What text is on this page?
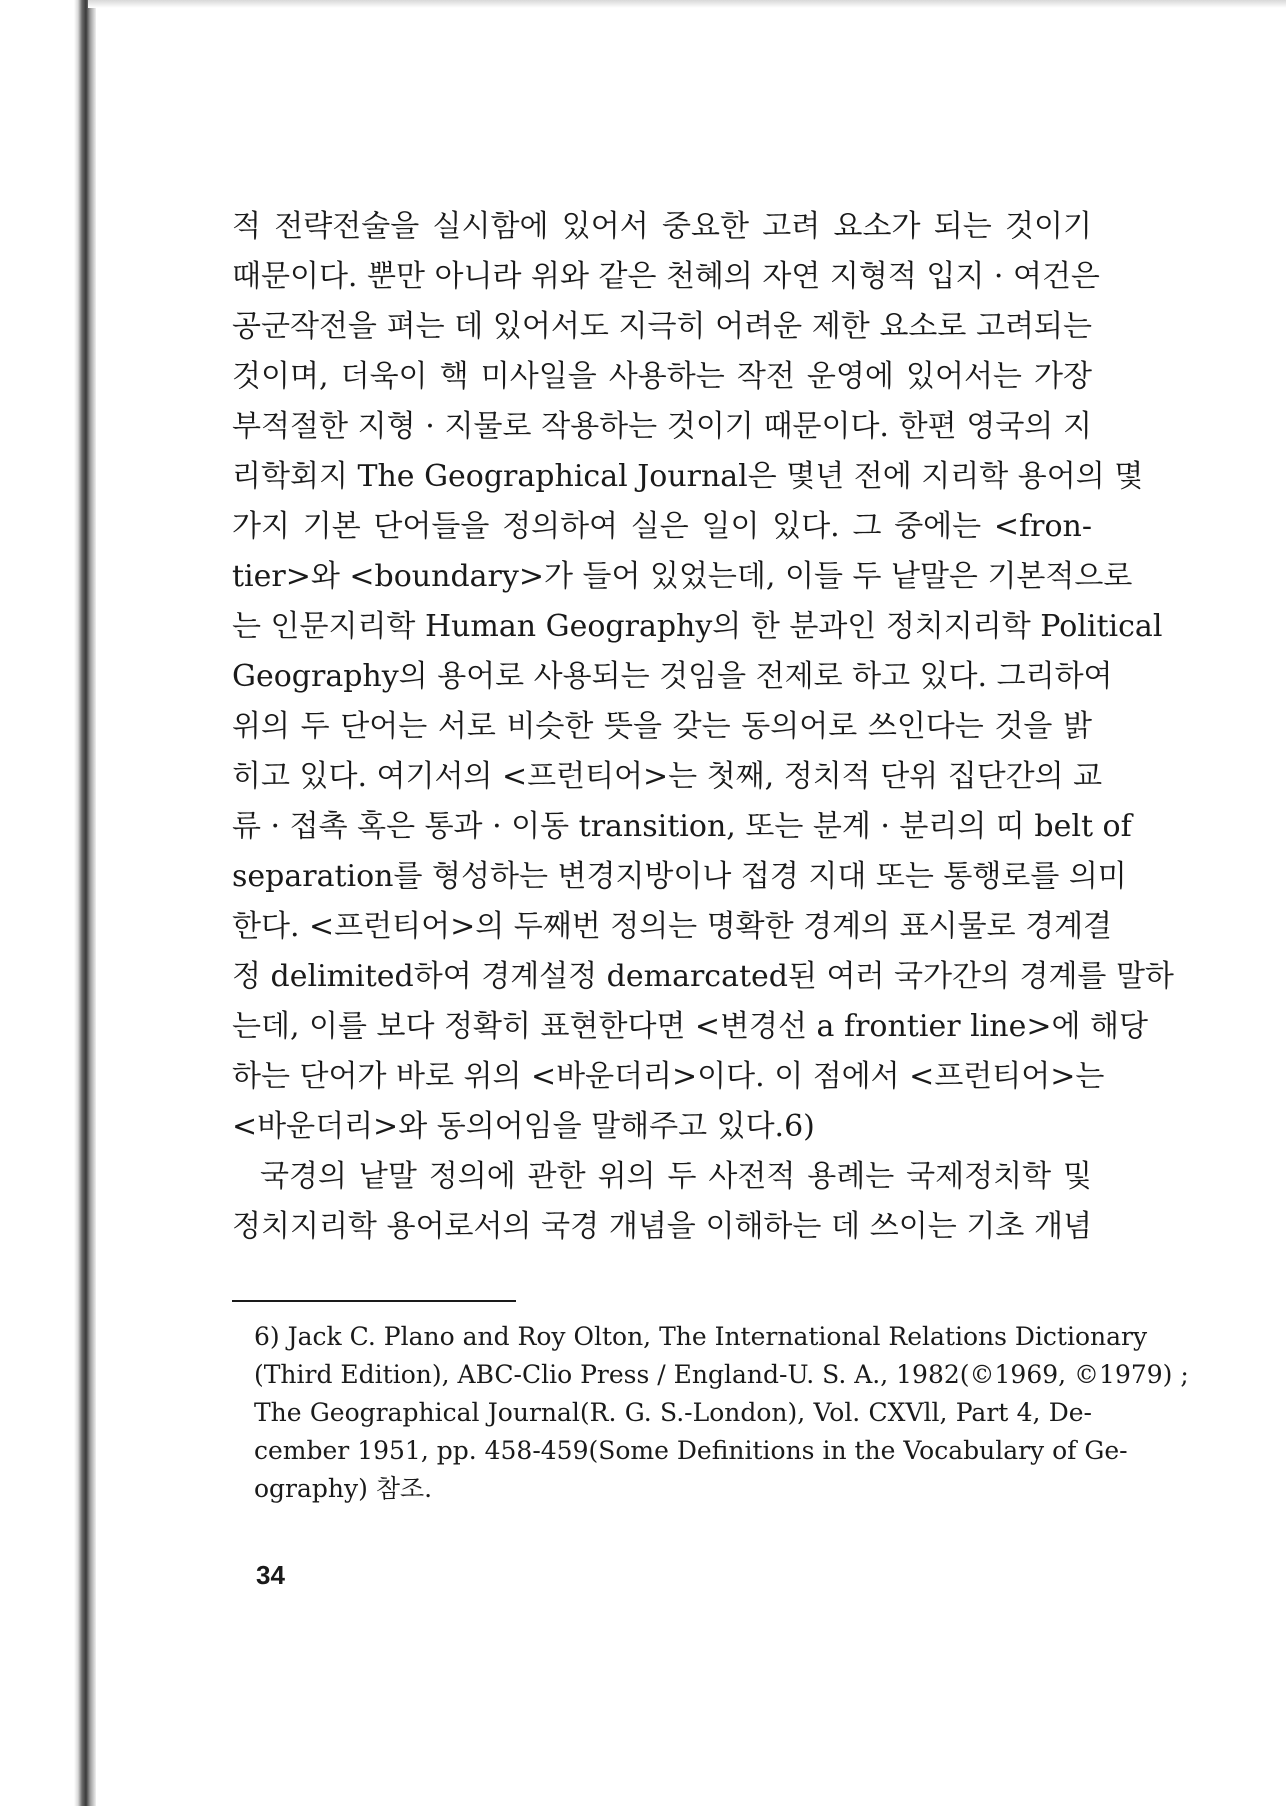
적 전략전술을 실시함에 있어서 중요한 고려 요소가 되는 것이기
때문이다. 뿐만 아니라 위와 같은 천혜의 자연 지형적 입지 · 여건은
공군작전을 펴는 데 있어서도 지극히 어려운 제한 요소로 고려되는
것이며, 더욱이 핵 미사일을 사용하는 작전 운영에 있어서는 가장
부적절한 지형 · 지물로 작용하는 것이기 때문이다. 한편 영국의 지
리학회지 The Geographical Journal은 몇년 전에 지리학 용어의 몇
가지 기본 단어들을 정의하여 실은 일이 있다. 그 중에는 <fron-
tier>와 <boundary>가 들어 있었는데, 이들 두 낱말은 기본적으로
는 인문지리학 Human Geography의 한 분과인 정치지리학 Political
Geography의 용어로 사용되는 것임을 전제로 하고 있다. 그리하여
위의 두 단어는 서로 비슷한 뜻을 갖는 동의어로 쓰인다는 것을 밝
히고 있다. 여기서의 <프런티어>는 첫째, 정치적 단위 집단간의 교
류 · 접촉 혹은 통과 · 이동 transition, 또는 분계 · 분리의 띠 belt of
separation를 형성하는 변경지방이나 접경 지대 또는 통행로를 의미
한다. <프런티어>의 두째번 정의는 명확한 경계의 표시물로 경계결
정 delimited하여 경계설정 demarcated된 여러 국가간의 경계를 말하
는데, 이를 보다 정확히 표현한다면 <변경선 a frontier line>에 해당
하는 단어가 바로 위의 <바운더리>이다. 이 점에서 <프런티어>는
<바운더리>와 동의어임을 말해주고 있다.6)
국경의 낱말 정의에 관한 위의 두 사전적 용례는 국제정치학 및
정치지리학 용어로서의 국경 개념을 이해하는 데 쓰이는 기초 개념
6) Jack C. Plano and Roy Olton, The International Relations Dictionary
(Third Edition), ABC-Clio Press / England-U. S. A., 1982(©1969, ©1979) ;
The Geographical Journal(R. G. S.-London), Vol. CXVll, Part 4, De-
cember 1951, pp. 458-459(Some Definitions in the Vocabulary of Ge-
ography) 참조.
34
